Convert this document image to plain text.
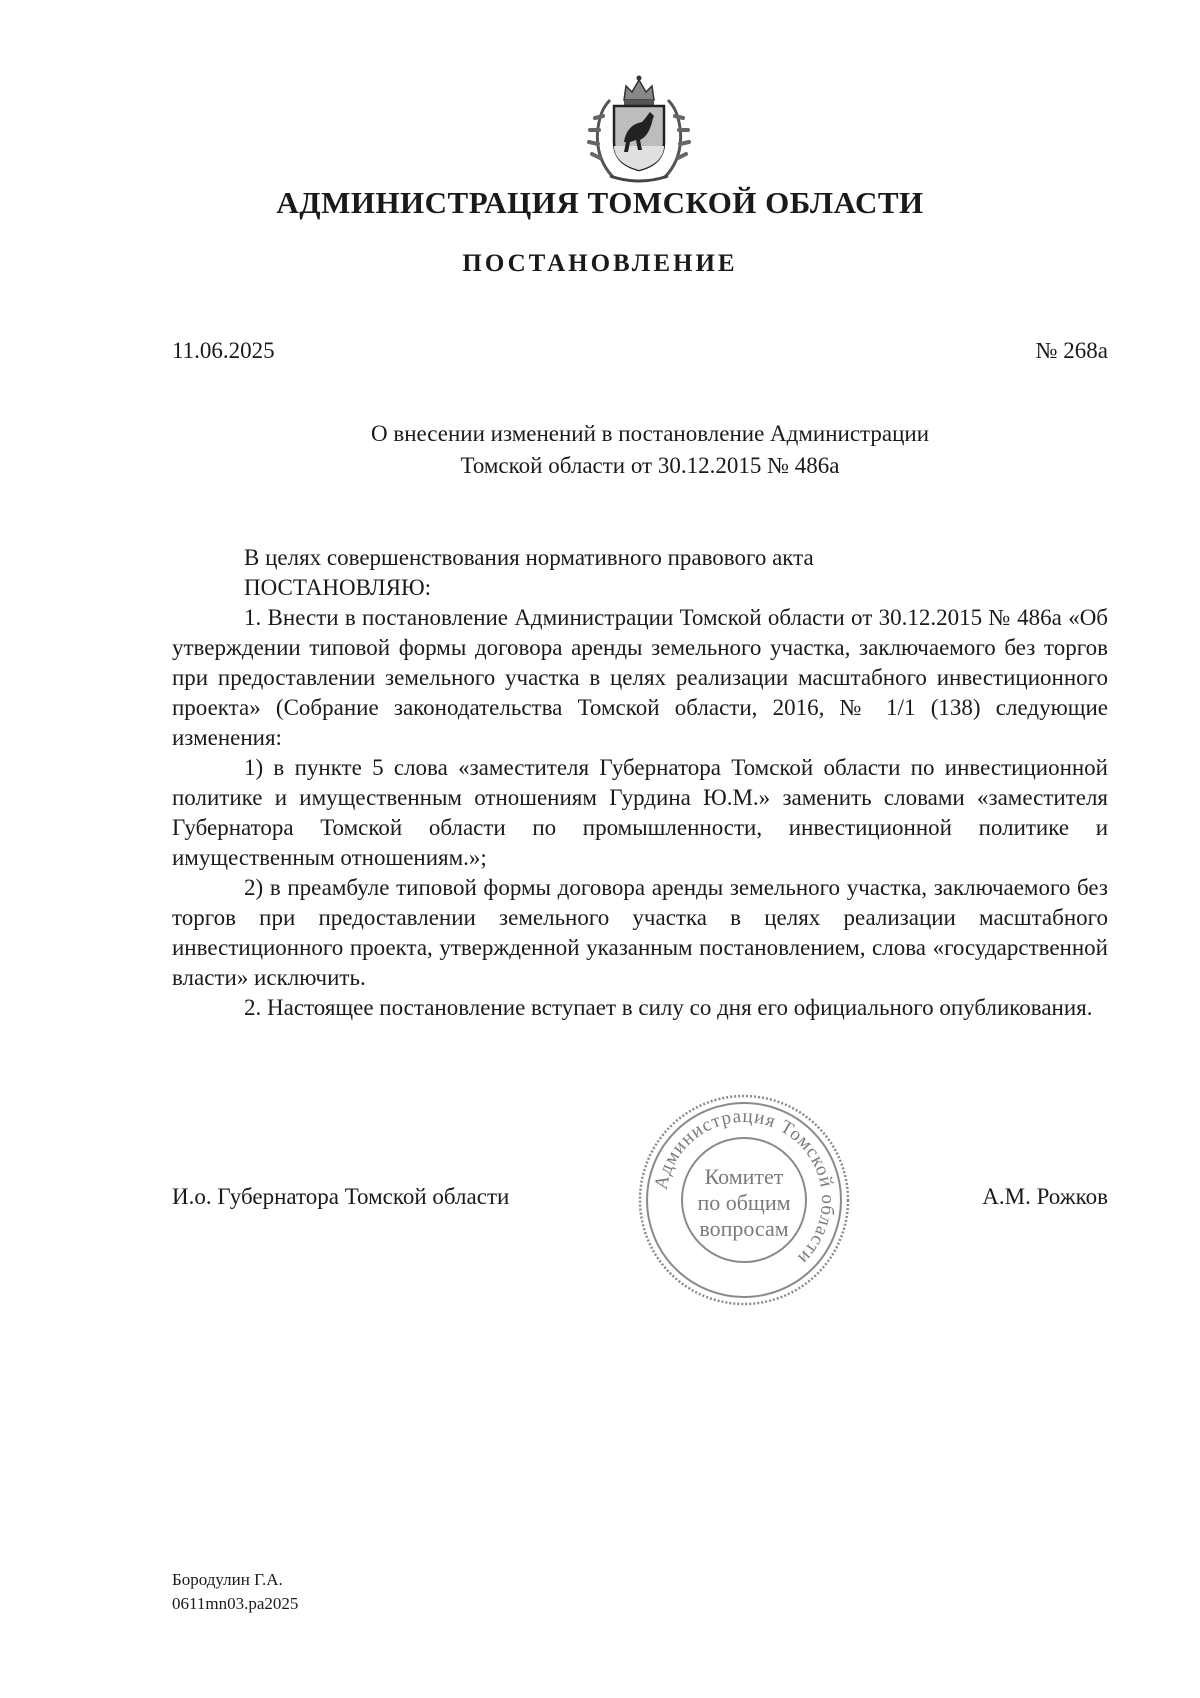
АДМИНИСТРАЦИЯ ТОМСКОЙ ОБЛАСТИ
ПОСТАНОВЛЕНИЕ
11.06.2025	№ 268а
О внесении изменений в постановление Администрации
Томской области от 30.12.2015 № 486а

В целях совершенствования нормативного правового акта

ПОСТАНОВЛЯЮ:

1. Внести в постановление Администрации Томской области от 30.12.2015 № 486а «Об утверждении типовой формы договора аренды земельного участка, заключаемого без торгов при предоставлении земельного участка в целях реализации масштабного инвестиционного проекта» (Собрание законодательства Томской области, 2016, № 1/1 (138) следующие изменения:

1) в пункте 5 слова «заместителя Губернатора Томской области по инвестиционной политике и имущественным отношениям Гурдина Ю.М.» заменить словами «заместителя Губернатора Томской области по промышленности, инвестиционной политике и имущественным отношениям.»;

2) в преамбуле типовой формы договора аренды земельного участка, заключаемого без торгов при предоставлении земельного участка в целях реализации масштабного инвестиционного проекта, утвержденной указанным постановлением, слова «государственной власти» исключить.

2. Настоящее постановление вступает в силу со дня его официального опубликования.

И.о. Губернатора Томской области	А.М. Рожков
Администрация Томской области
Комитет
по общим
вопросам
Бородулин Г.А.
0611mn03.pa2025
